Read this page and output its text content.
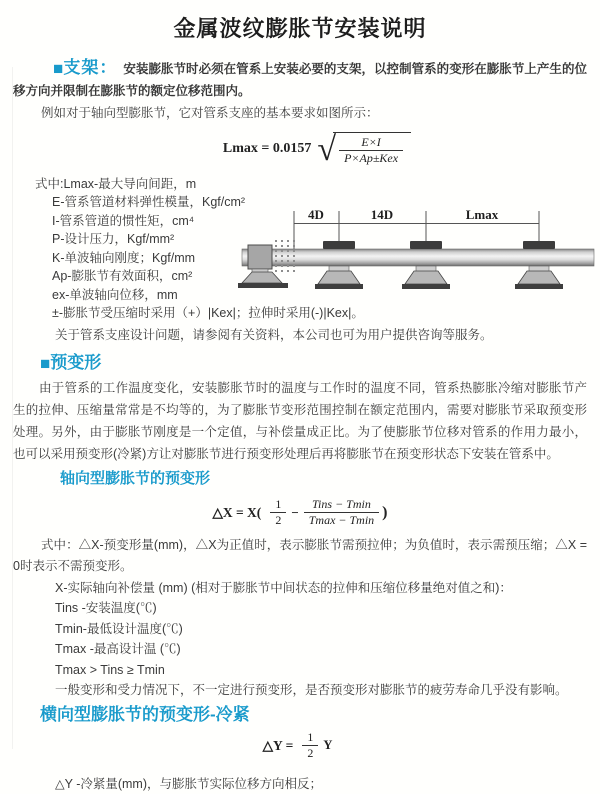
金属波纹膨胀节安装说明

■支架： 安装膨胀节时必须在管系上安装必要的支架，以控制管系的变形在膨胀节上产生的位移方向并限制在膨胀节的额定位移范围内。

例如对于轴向型膨胀节，它对管系支座的基本要求如图所示：

Lmax = 0.0157 √ $\frac{E\times I}{\text{P×Ap±Kex}}$

式中:Lmax-最大导向间距，m

E-管系管道材料弹性模量，Kgf/cm²
I-管系管道的惯性矩，cm⁴
P-设计压力，Kgf/mm²
K-单波轴向刚度；Kgf/mm
Ap-膨胀节有效面积，cm²
ex-单波轴向位移，mm
±-膨胀节受压缩时采用（+）|Kex|；拉伸时采用(-)|Kex|。

关于管系支座设计问题，请参阅有关资料，本公司也可为用户提供咨询等服务。

4D	14D	Lmax
■预变形

由于管系的工作温度变化，安装膨胀节时的温度与工作时的温度不同，管系热膨胀冷缩对膨胀节产生的拉伸、压缩量常常是不均等的，为了膨胀节变形范围控制在额定范围内，需要对膨胀节采取预变形处理。另外，由于膨胀节刚度是一个定值，与补偿量成正比。为了使膨胀节位移对管系的作用力最小，也可以采用预变形(冷紧)方让对膨胀节进行预变形处理后再将膨胀节在预变形状态下安装在管系中。

轴向型膨胀节的预变形
△X = $X( \frac{1}{2} - \frac{\text{Tins − Tmin}}{Tmax - Tmin}$ )

式中：△X-预变形量(mm)，△X为正值时，表示膨胀节需预拉伸；为负值时，表示需预压缩；△X = 0时表示不需预变形。

X-实际轴向补偿量 (mm) (相对于膨胀节中间状态的拉伸和压缩位移量绝对值之和)：
Tins -安装温度(℃)
Tmin-最低设计温度(℃)
Tmax -最高设计温 (℃)
Tmax > Tins ≥ Tmin
一般变形和受力情况下，不一定进行预变形，是否预变形对膨胀节的疲劳寿命几乎没有影响。
横向型膨胀节的预变形-冷紧
△Y = $\frac{1}{2}$ Y

△Y -冷紧量(mm)，与膨胀节实际位移方向相反；
